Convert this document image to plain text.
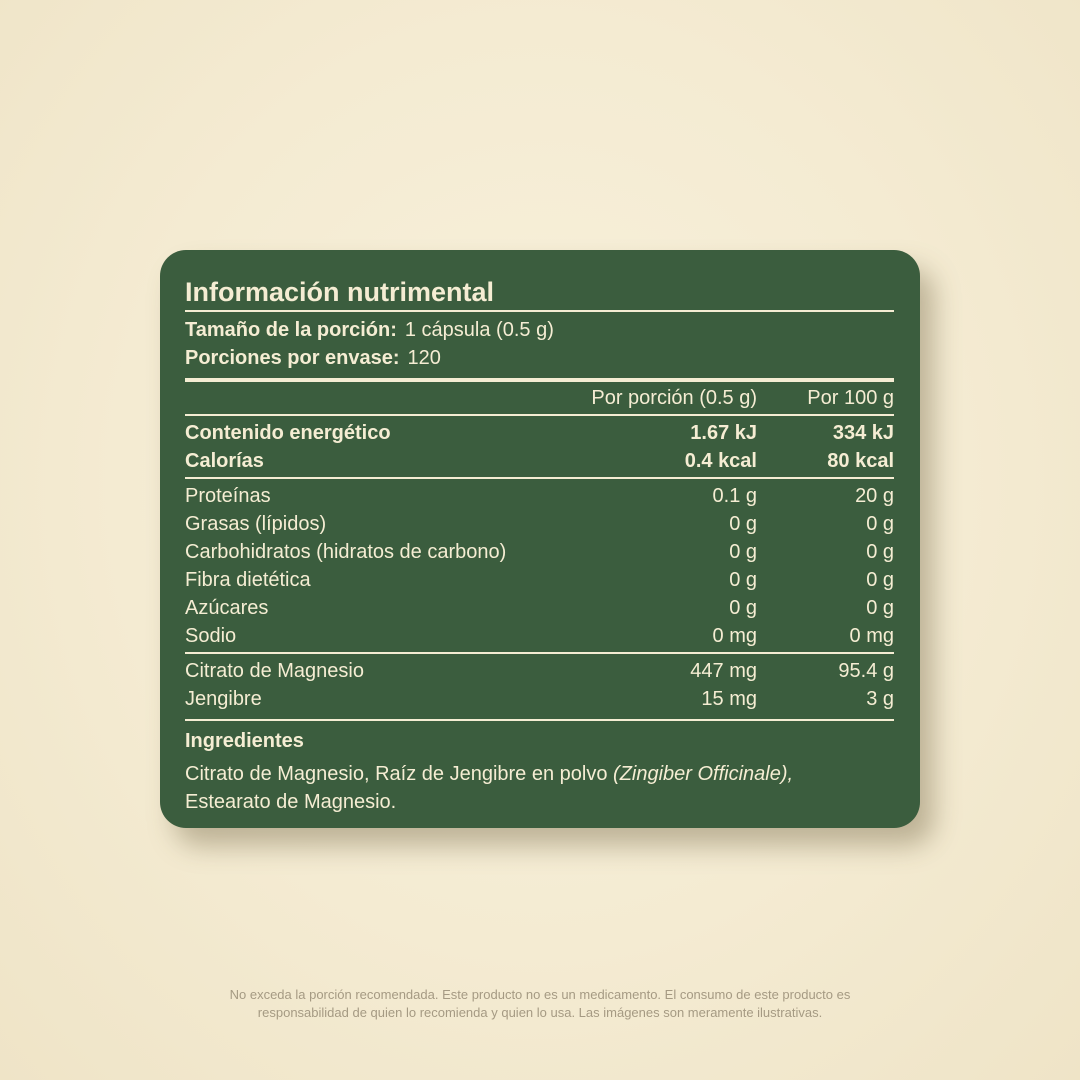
Información nutrimental
Tamaño de la porción: 1 cápsula (0.5 g)
Porciones por envase: 120
Por porción (0.5 g)	Por 100 g
Contenido energético	1.67 kJ	334 kJ
Calorías	0.4 kcal	80 kcal
Proteínas	0.1 g	20 g
Grasas (lípidos)	0 g	0 g
Carbohidratos (hidratos de carbono)	0 g	0 g
Fibra dietética	0 g	0 g
Azúcares	0 g	0 g
Sodio	0 mg	0 mg
Citrato de Magnesio	447 mg	95.4 g
Jengibre	15 mg	3 g
Ingredientes
Citrato de Magnesio, Raíz de Jengibre en polvo (Zingiber Officinale),
Estearato de Magnesio.
No exceda la porción recomendada. Este producto no es un medicamento. El consumo de este producto es
responsabilidad de quien lo recomienda y quien lo usa. Las imágenes son meramente ilustrativas.
